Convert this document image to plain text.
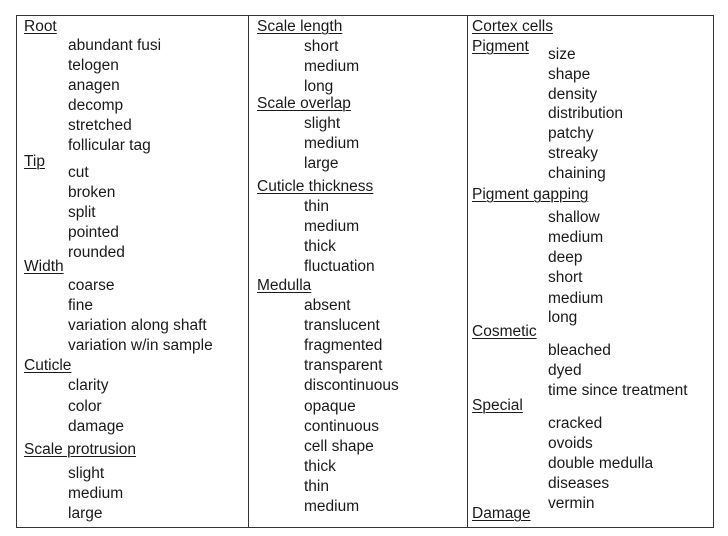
Root
abundant fusi
telogen
anagen
decomp
stretched
follicular tag
Tip
cut
broken
split
pointed
rounded
Width
coarse
fine
variation along shaft
variation w/in sample
Cuticle
clarity
color
damage
Scale protrusion
slight
medium
large
Scale length
short
medium
long
Scale overlap
slight
medium
large
Cuticle thickness
thin
medium
thick
fluctuation
Medulla
absent
translucent
fragmented
transparent
discontinuous
opaque
continuous
cell shape
thick
thin
medium
Cortex cells
Pigment size
shape
density
distribution
patchy
streaky
chaining
Pigment gapping
shallow
medium
deep
short
medium
long
Cosmetic
bleached
dyed
time since treatment
Special
cracked
ovoids
double medulla
diseases
vermin
Damage
